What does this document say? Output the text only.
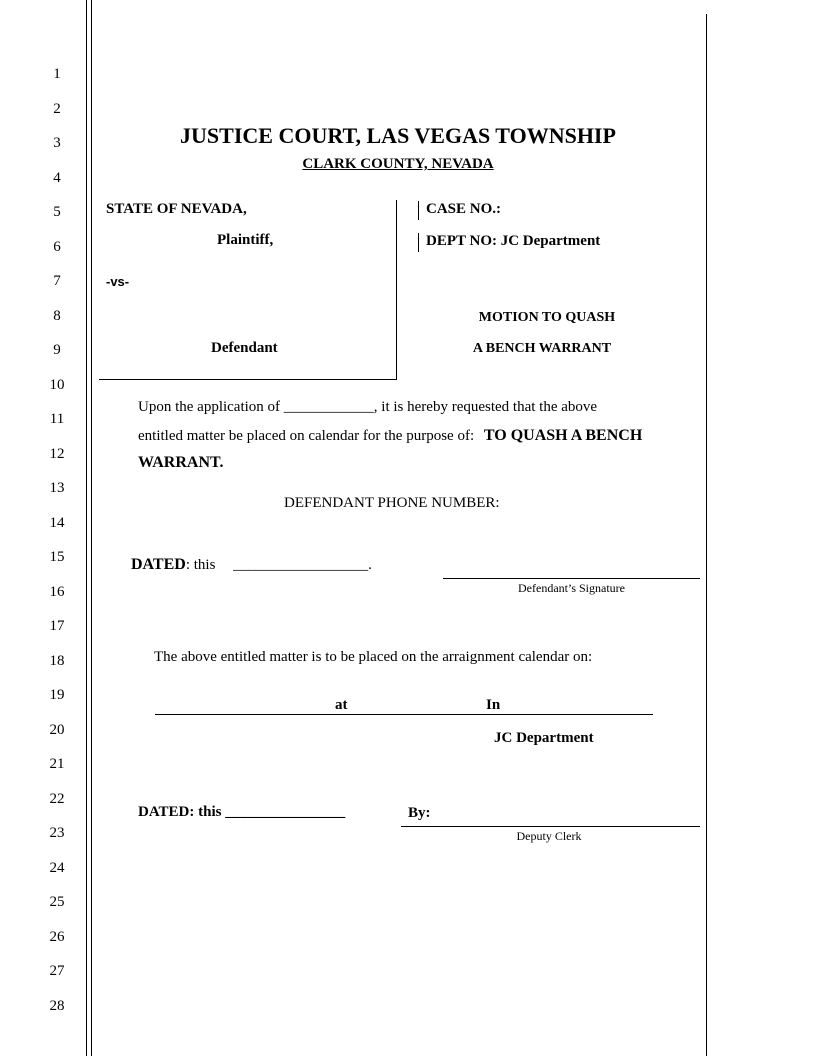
1
2
3
4
5
6
7
8
9
10
11
12
13
14
15
16
17
18
19
20
21
22
23
24
25
26
27
28
JUSTICE COURT, LAS VEGAS TOWNSHIP
CLARK COUNTY, NEVADA
STATE OF NEVADA,
Plaintiff,
-vs-
Defendant
CASE NO.:
DEPT NO: JC Department
MOTION TO QUASH
A BENCH WARRANT
Upon the application of ____________, it is hereby requested that the above
entitled matter be placed on calendar for the purpose of: TO QUASH A BENCH
WARRANT.
DEFENDANT PHONE NUMBER:
DATED: this __________________.
Defendant’s Signature
The above entitled matter is to be placed on the arraignment calendar on:
at	In
JC Department
DATED: this ________________	By:
Deputy Clerk
